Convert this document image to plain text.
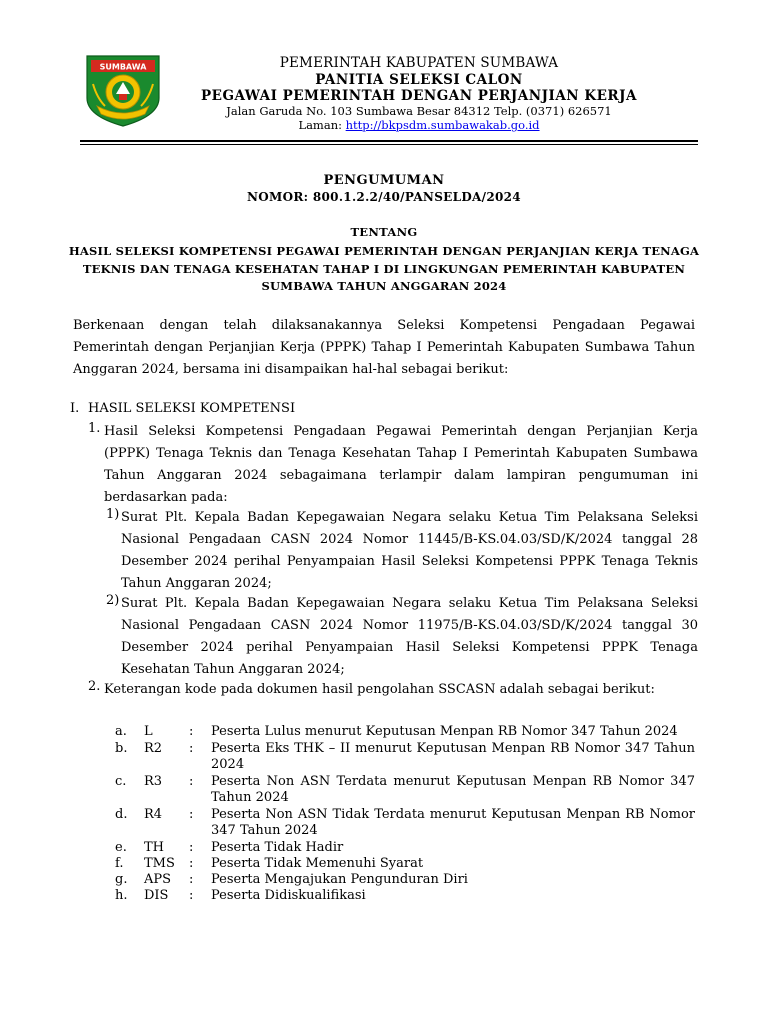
SUMBAWA	PEMERINTAH KABUPATEN SUMBAWA
PANITIA SELEKSI CALON
PEGAWAI PEMERINTAH DENGAN PERJANJIAN KERJA
Jalan Garuda No. 103 Sumbawa Besar 84312 Telp. (0371) 626571
Laman: http://bkpsdm.sumbawakab.go.id
PENGUMUMAN
NOMOR: 800.1.2.2/40/PANSELDA/2024
TENTANG
HASIL SELEKSI KOMPETENSI PEGAWAI PEMERINTAH DENGAN PERJANJIAN KERJA TENAGA TEKNIS DAN TENAGA KESEHATAN TAHAP I DI LINGKUNGAN PEMERINTAH KABUPATEN SUMBAWA TAHUN ANGGARAN 2024
Berkenaan dengan telah dilaksanakannya Seleksi Kompetensi Pengadaan Pegawai Pemerintah dengan Perjanjian Kerja (PPPK) Tahap I Pemerintah Kabupaten Sumbawa Tahun Anggaran 2024, bersama ini disampaikan hal-hal sebagai berikut:
I. HASIL SELEKSI KOMPETENSI
1. Hasil Seleksi Kompetensi Pengadaan Pegawai Pemerintah dengan Perjanjian Kerja (PPPK) Tenaga Teknis dan Tenaga Kesehatan Tahap I Pemerintah Kabupaten Sumbawa Tahun Anggaran 2024 sebagaimana terlampir dalam lampiran pengumuman ini berdasarkan pada:
1) Surat Plt. Kepala Badan Kepegawaian Negara selaku Ketua Tim Pelaksana Seleksi Nasional Pengadaan CASN 2024 Nomor 11445/B-KS.04.03/SD/K/2024 tanggal 28 Desember 2024 perihal Penyampaian Hasil Seleksi Kompetensi PPPK Tenaga Teknis Tahun Anggaran 2024;
2) Surat Plt. Kepala Badan Kepegawaian Negara selaku Ketua Tim Pelaksana Seleksi Nasional Pengadaan CASN 2024 Nomor 11975/B-KS.04.03/SD/K/2024 tanggal 30 Desember 2024 perihal Penyampaian Hasil Seleksi Kompetensi PPPK Tenaga Kesehatan Tahun Anggaran 2024;
2. Keterangan kode pada dokumen hasil pengolahan SSCASN adalah sebagai berikut:
a.	L	:	Peserta Lulus menurut Keputusan Menpan RB Nomor 347 Tahun 2024
b.	R2	:	Peserta Eks THK – II menurut Keputusan Menpan RB Nomor 347 Tahun 2024
c.	R3	:	Peserta Non ASN Terdata menurut Keputusan Menpan RB Nomor 347 Tahun 2024
d.	R4	:	Peserta Non ASN Tidak Terdata menurut Keputusan Menpan RB Nomor 347 Tahun 2024
e.	TH	:	Peserta Tidak Hadir
f.	TMS	:	Peserta Tidak Memenuhi Syarat
g.	APS	:	Peserta Mengajukan Pengunduran Diri
h.	DIS	:	Peserta Didiskualifikasi
